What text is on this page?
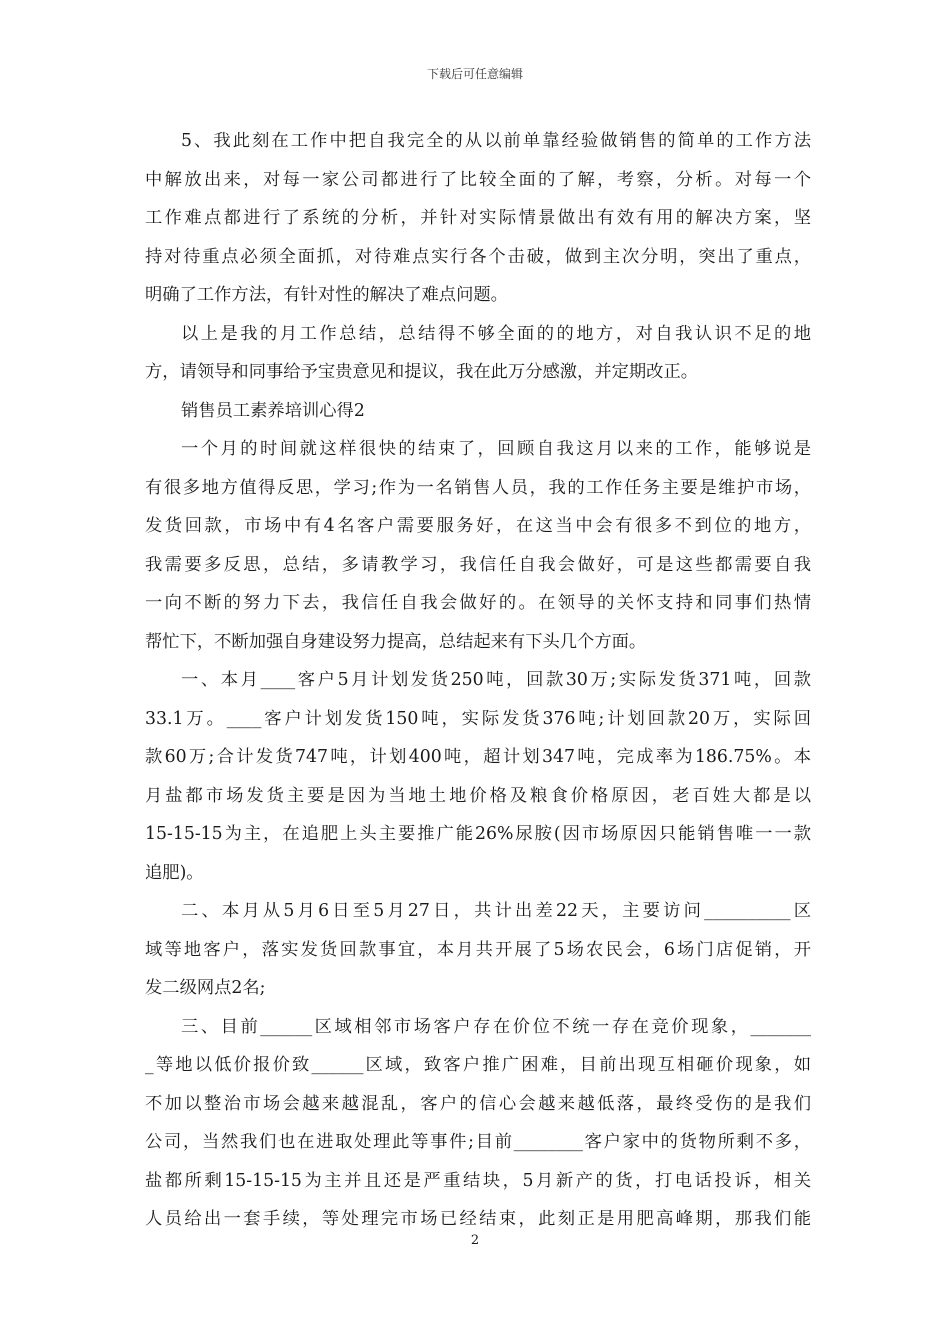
下载后可任意编辑
5、我此刻在工作中把自我完全的从以前单靠经验做销售的简单的工作方法
中解放出来，对每一家公司都进行了比较全面的了解，考察，分析。对每一个
工作难点都进行了系统的分析，并针对实际情景做出有效有用的解决方案，坚
持对待重点必须全面抓，对待难点实行各个击破，做到主次分明，突出了重点，
明确了工作方法，有针对性的解决了难点问题。
以上是我的月工作总结，总结得不够全面的的地方，对自我认识不足的地
方，请领导和同事给予宝贵意见和提议，我在此万分感激，并定期改正。
销售员工素养培训心得2
一个月的时间就这样很快的结束了，回顾自我这月以来的工作，能够说是
有很多地方值得反思，学习;作为一名销售人员，我的工作任务主要是维护市场，
发货回款，市场中有4名客户需要服务好，在这当中会有很多不到位的地方，
我需要多反思，总结，多请教学习，我信任自我会做好，可是这些都需要自我
一向不断的努力下去，我信任自我会做好的。在领导的关怀支持和同事们热情
帮忙下，不断加强自身建设努力提高，总结起来有下头几个方面。
一、本月____客户5月计划发货250吨，回款30万;实际发货371吨，回款
33.1万。____客户计划发货150吨，实际发货376吨;计划回款20万，实际回
款60万;合计发货747吨，计划400吨，超计划347吨，完成率为186.75%。本
月盐都市场发货主要是因为当地土地价格及粮食价格原因，老百姓大都是以
15-15-15为主，在追肥上头主要推广能26%尿胺(因市场原因只能销售唯一一款
追肥)。
二、本月从5月6日至5月27日，共计出差22天，主要访问__________区
域等地客户，落实发货回款事宜，本月共开展了5场农民会，6场门店促销，开
发二级网点2名;
三、目前______区域相邻市场客户存在价位不统一存在竞价现象，_______
_等地以低价报价致______区域，致客户推广困难，目前出现互相砸价现象，如
不加以整治市场会越来越混乱，客户的信心会越来越低落，最终受伤的是我们
公司，当然我们也在进取处理此等事件;目前________客户家中的货物所剩不多，
盐都所剩15-15-15为主并且还是严重结块，5月新产的货，打电话投诉，相关
人员给出一套手续，等处理完市场已经结束，此刻正是用肥高峰期，那我们能
2
